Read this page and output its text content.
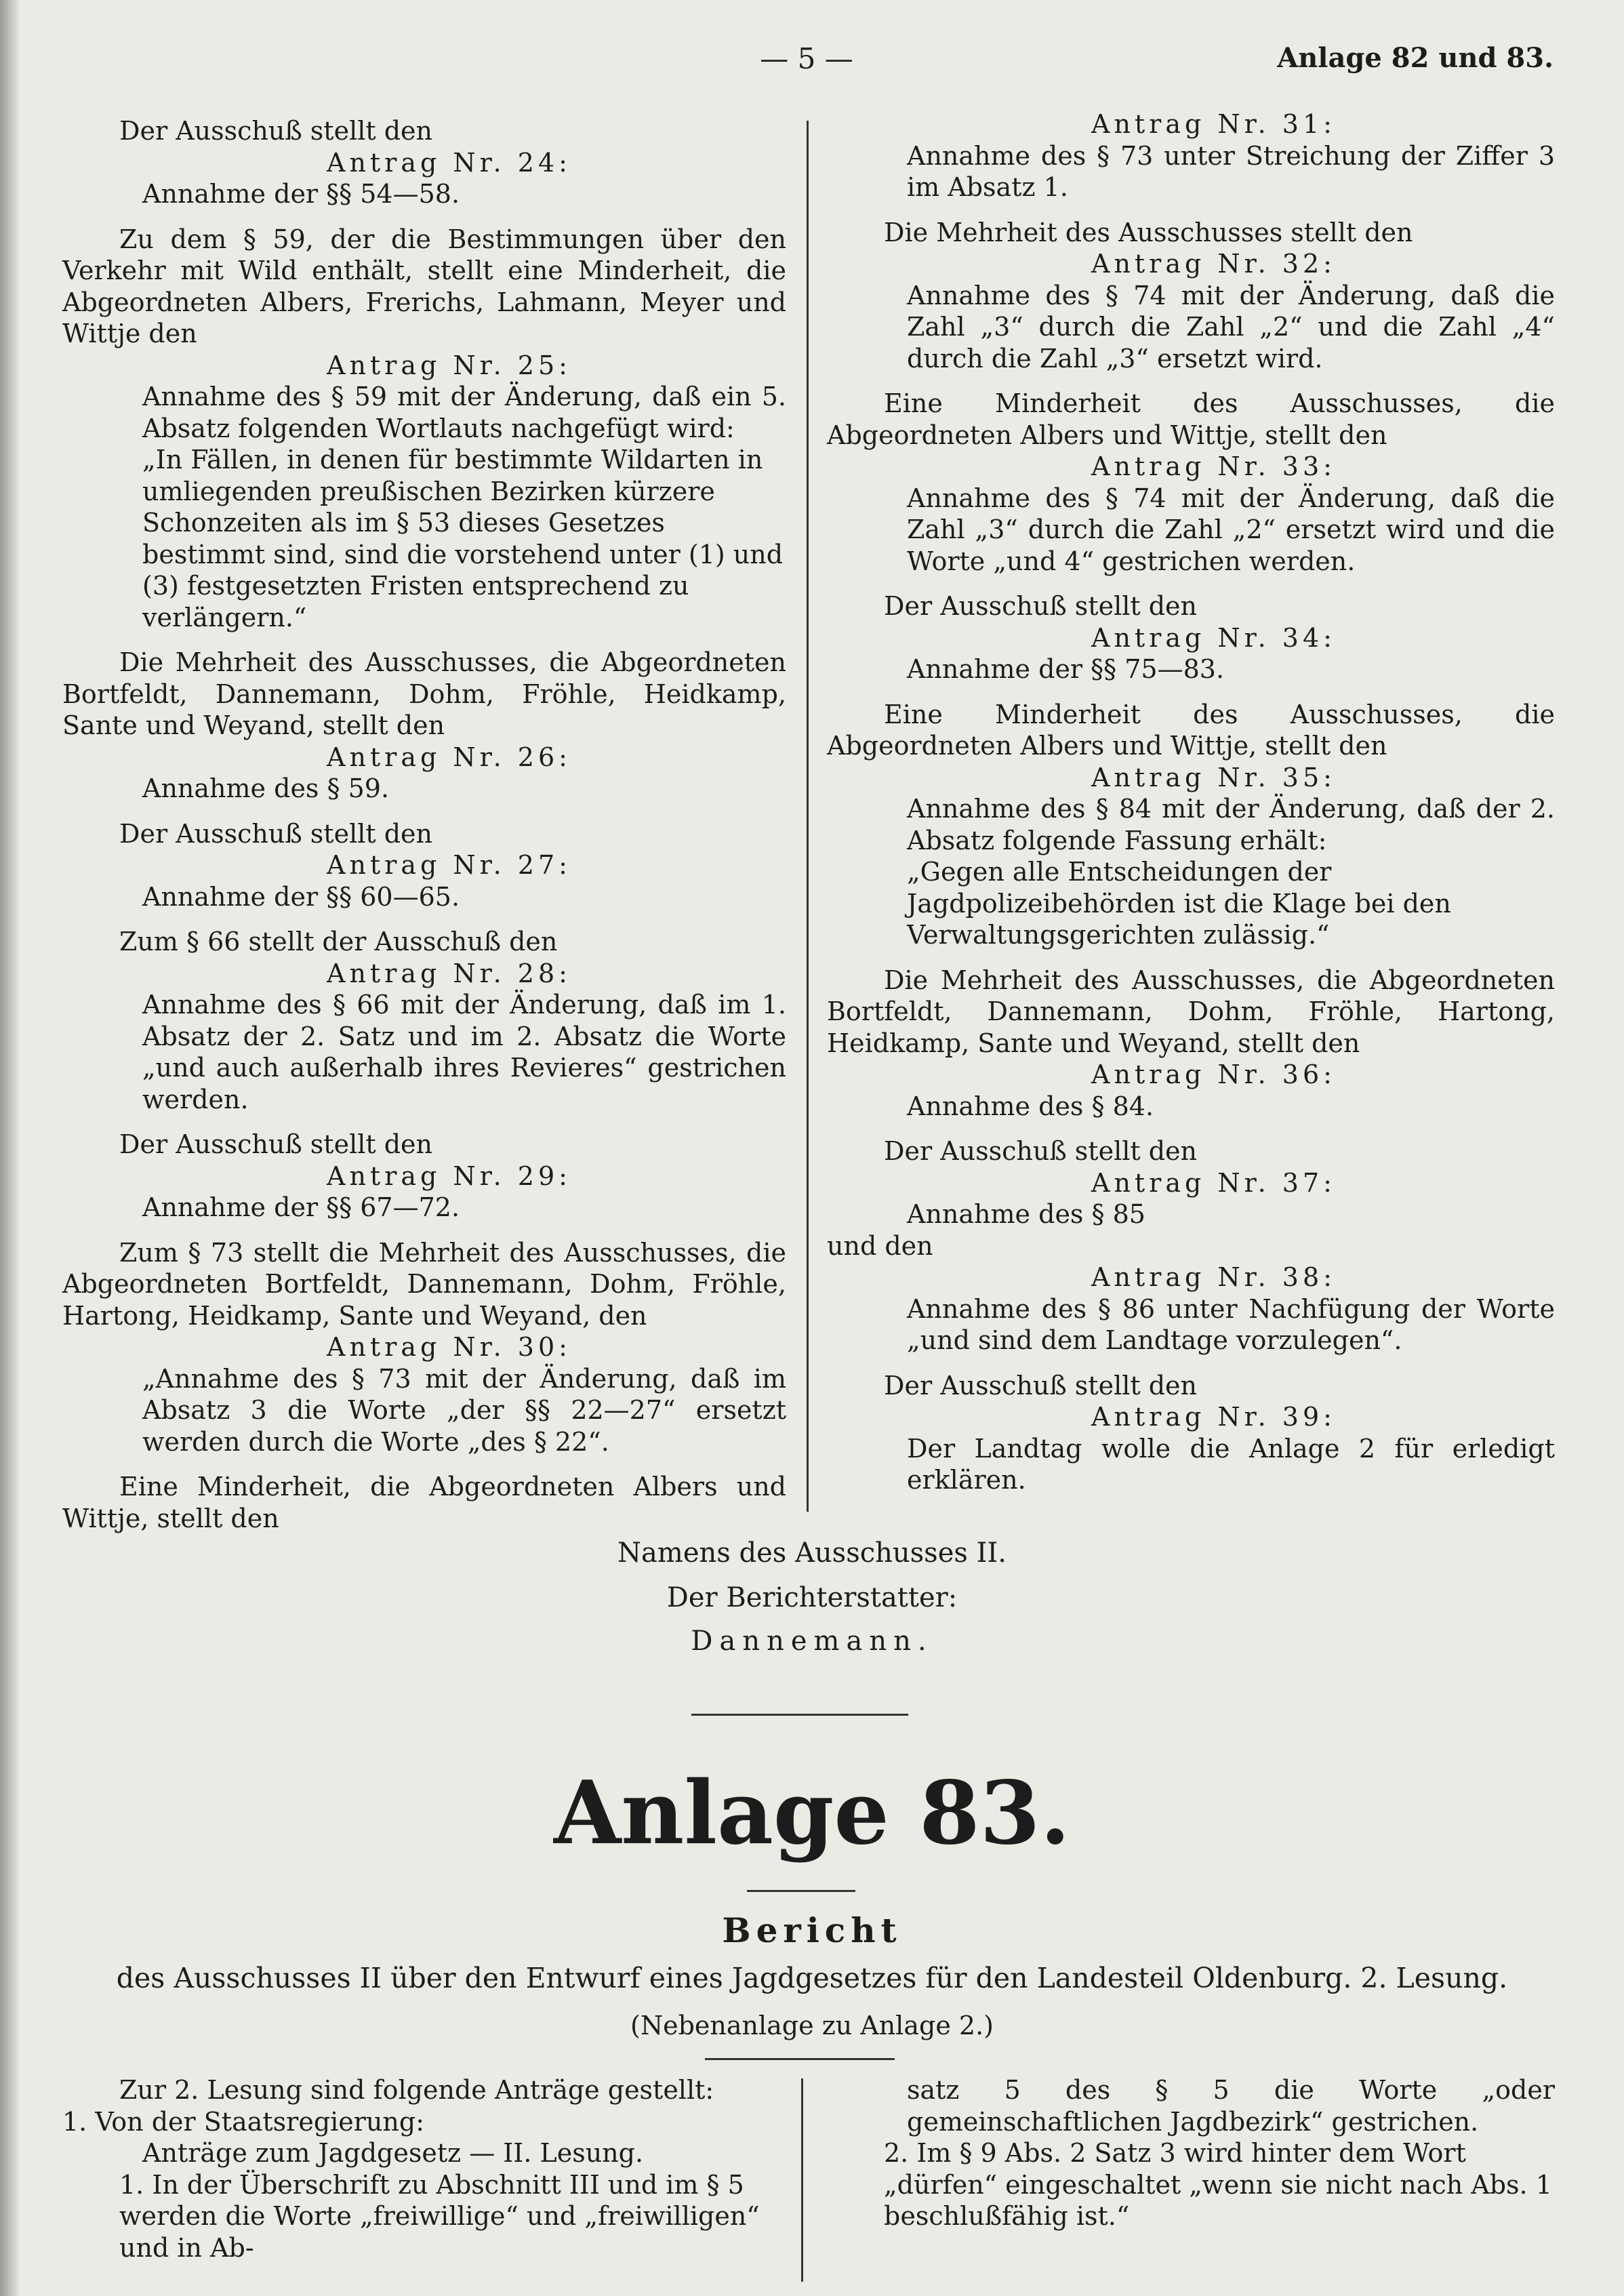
— 5 —	Anlage 82 und 83.

Der Ausschuß stellt den

Antrag Nr. 24:

Annahme der §§ 54—58.

Zu dem § 59, der die Bestimmungen über den Verkehr mit Wild enthält, stellt eine Minderheit, die Abgeordneten Albers, Frerichs, Lahmann, Meyer und Wittje den

Antrag Nr. 25:

Annahme des § 59 mit der Änderung, daß ein 5. Absatz folgenden Wortlauts nachgefügt wird:

„In Fällen, in denen für bestimmte Wildarten in umliegenden preußischen Bezirken kürzere Schonzeiten als im § 53 dieses Gesetzes bestimmt sind, sind die vorstehend unter (1) und (3) festgesetzten Fristen entsprechend zu verlängern.“

Die Mehrheit des Ausschusses, die Abgeordneten Bortfeldt, Dannemann, Dohm, Fröhle, Heidkamp, Sante und Weyand, stellt den

Antrag Nr. 26:

Annahme des § 59.

Der Ausschuß stellt den

Antrag Nr. 27:

Annahme der §§ 60—65.

Zum § 66 stellt der Ausschuß den

Antrag Nr. 28:

Annahme des § 66 mit der Änderung, daß im 1. Absatz der 2. Satz und im 2. Absatz die Worte „und auch außerhalb ihres Revieres“ gestrichen werden.

Der Ausschuß stellt den

Antrag Nr. 29:

Annahme der §§ 67—72.

Zum § 73 stellt die Mehrheit des Ausschusses, die Abgeordneten Bortfeldt, Dannemann, Dohm, Fröhle, Hartong, Heidkamp, Sante und Weyand, den

Antrag Nr. 30:

„Annahme des § 73 mit der Änderung, daß im Absatz 3 die Worte „der §§ 22—27“ ersetzt werden durch die Worte „des § 22“.

Eine Minderheit, die Abgeordneten Albers und Wittje, stellt den

Antrag Nr. 31:

Annahme des § 73 unter Streichung der Ziffer 3 im Absatz 1.

Die Mehrheit des Ausschusses stellt den

Antrag Nr. 32:

Annahme des § 74 mit der Änderung, daß die Zahl „3“ durch die Zahl „2“ und die Zahl „4“ durch die Zahl „3“ ersetzt wird.

Eine Minderheit des Ausschusses, die Abgeordneten Albers und Wittje, stellt den

Antrag Nr. 33:

Annahme des § 74 mit der Änderung, daß die Zahl „3“ durch die Zahl „2“ ersetzt wird und die Worte „und 4“ gestrichen werden.

Der Ausschuß stellt den

Antrag Nr. 34:

Annahme der §§ 75—83.

Eine Minderheit des Ausschusses, die Abgeordneten Albers und Wittje, stellt den

Antrag Nr. 35:

Annahme des § 84 mit der Änderung, daß der 2. Absatz folgende Fassung erhält:

„Gegen alle Entscheidungen der Jagdpolizeibehörden ist die Klage bei den Verwaltungsgerichten zulässig.“

Die Mehrheit des Ausschusses, die Abgeordneten Bortfeldt, Dannemann, Dohm, Fröhle, Hartong, Heidkamp, Sante und Weyand, stellt den

Antrag Nr. 36:

Annahme des § 84.

Der Ausschuß stellt den

Antrag Nr. 37:

Annahme des § 85

und den

Antrag Nr. 38:

Annahme des § 86 unter Nachfügung der Worte „und sind dem Landtage vorzulegen“.

Der Ausschuß stellt den

Antrag Nr. 39:

Der Landtag wolle die Anlage 2 für erledigt erklären.

Namens des Ausschusses II.
Der Berichterstatter:
Dannemann.
Anlage 83.
Bericht
des Ausschusses II über den Entwurf eines Jagdgesetzes für den Landesteil Oldenburg. 2. Lesung.
(Nebenanlage zu Anlage 2.)

Zur 2. Lesung sind folgende Anträge gestellt:

1. Von der Staatsregierung:

Anträge zum Jagdgesetz — II. Lesung.

1. In der Überschrift zu Abschnitt III und im § 5 werden die Worte „freiwillige“ und „freiwilligen“ und in Ab-

satz 5 des § 5 die Worte „oder gemeinschaftlichen Jagdbezirk“ gestrichen.

2. Im § 9 Abs. 2 Satz 3 wird hinter dem Wort „dürfen“ eingeschaltet „wenn sie nicht nach Abs. 1 beschlußfähig ist.“
